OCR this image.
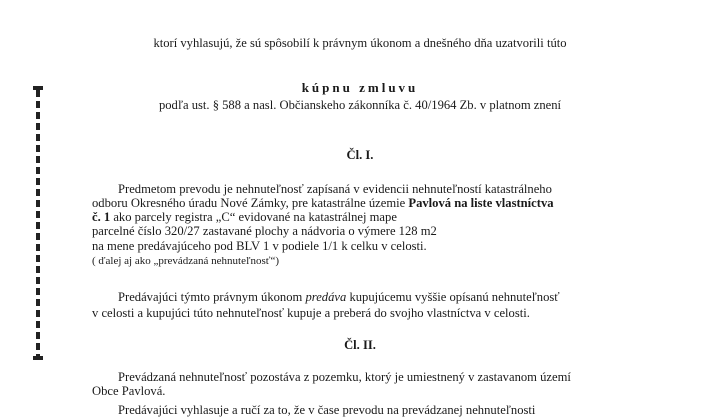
ktorí vyhlasujú, že sú spôsobilí k právnym úkonom a dnešného dňa uzatvorili túto
kúpnu zmluvu
podľa ust. § 588 a nasl. Občianskeho zákonníka č. 40/1964 Zb. v platnom znení
Čl. I.
Predmetom prevodu je nehnuteľnosť zapísaná v evidencii nehnuteľností katastrálneho
odboru Okresného úradu Nové Zámky, pre katastrálne územie Pavlová na liste vlastníctva
č. 1 ako parcely registra „C“ evidované na katastrálnej mape
parcelné číslo 320/27 zastavané plochy a nádvoria o výmere 128 m2
na mene predávajúceho pod BLV 1 v podiele 1/1 k celku v celosti.
( ďalej aj ako „prevádzaná nehnuteľnosť“)
Predávajúci týmto právnym úkonom predáva kupujúcemu vyššie opísanú nehnuteľnosť
v celosti a kupujúci túto nehnuteľnosť kupuje a preberá do svojho vlastníctva v celosti.
Čl. II.
Prevádzaná nehnuteľnosť pozostáva z pozemku, ktorý je umiestnený v zastavanom území
Obce Pavlová.
Predávajúci vyhlasuje a ručí za to, že v čase prevodu na prevádzanej nehnuteľnosti
